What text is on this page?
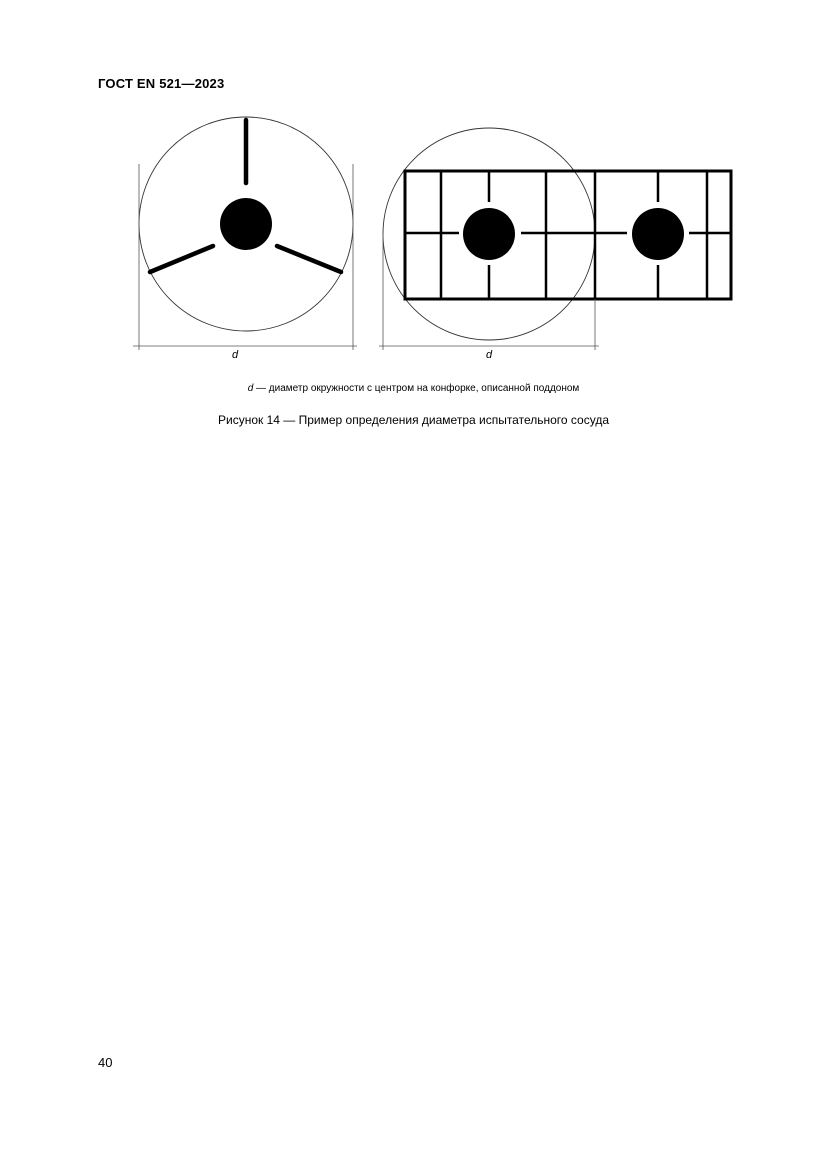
ГОСТ EN 521—2023
d	d
d — диаметр окружности с центром на конфорке, описанной поддоном
Рисунок 14 — Пример определения диаметра испытательного сосуда
40
